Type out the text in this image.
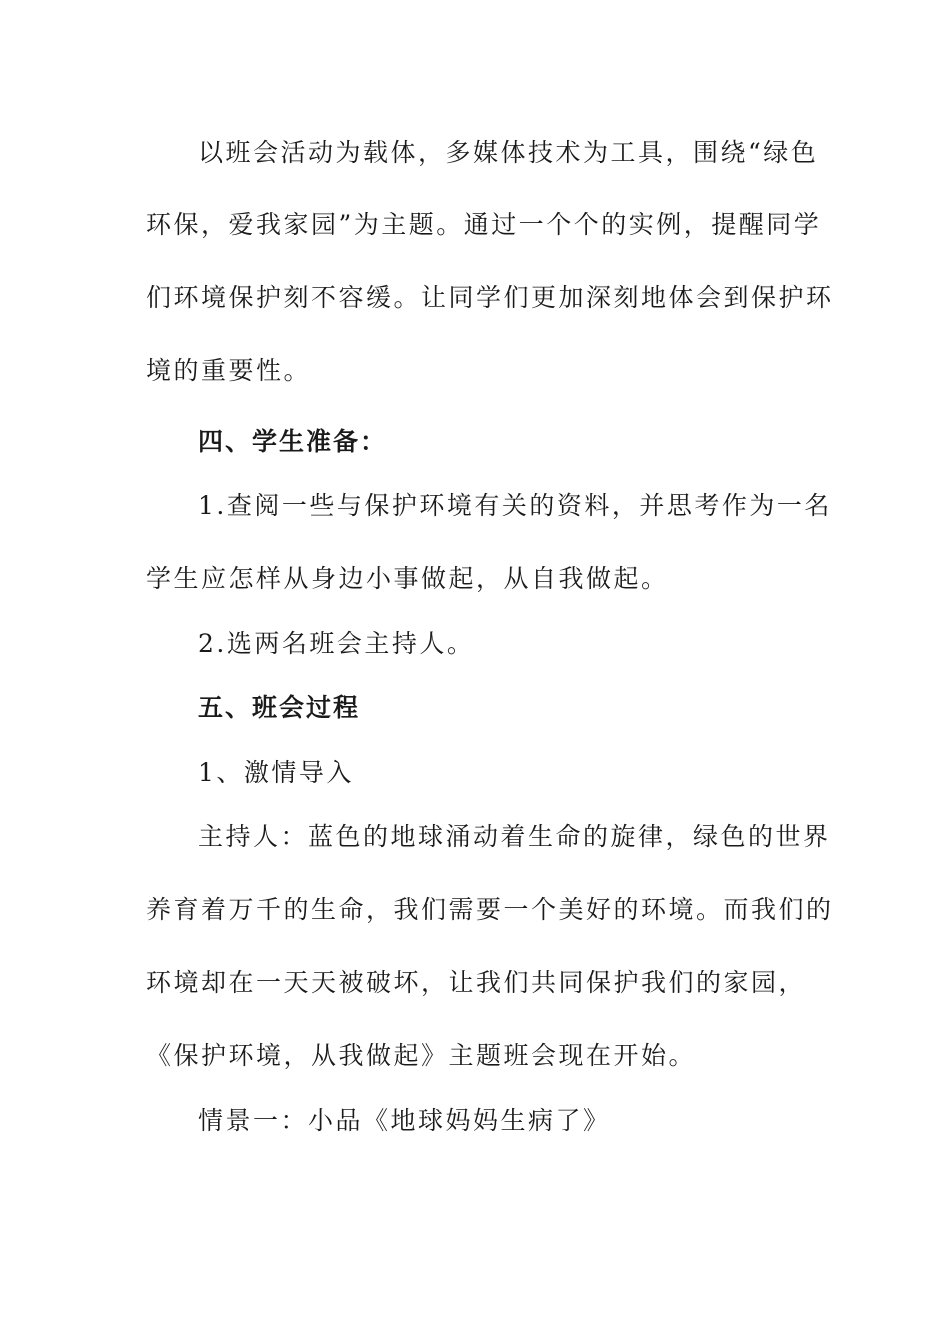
以班会活动为载体，多媒体技术为工具，围绕“绿色
环保，爱我家园”为主题。通过一个个的实例，提醒同学
们环境保护刻不容缓。让同学们更加深刻地体会到保护环
境的重要性。
四、学生准备：
1.查阅一些与保护环境有关的资料，并思考作为一名
学生应怎样从身边小事做起，从自我做起。
2.选两名班会主持人。
五、班会过程
1、激情导入
主持人：蓝色的地球涌动着生命的旋律，绿色的世界
养育着万千的生命，我们需要一个美好的环境。而我们的
环境却在一天天被破坏，让我们共同保护我们的家园，
《保护环境，从我做起》主题班会现在开始。
情景一：小品《地球妈妈生病了》
